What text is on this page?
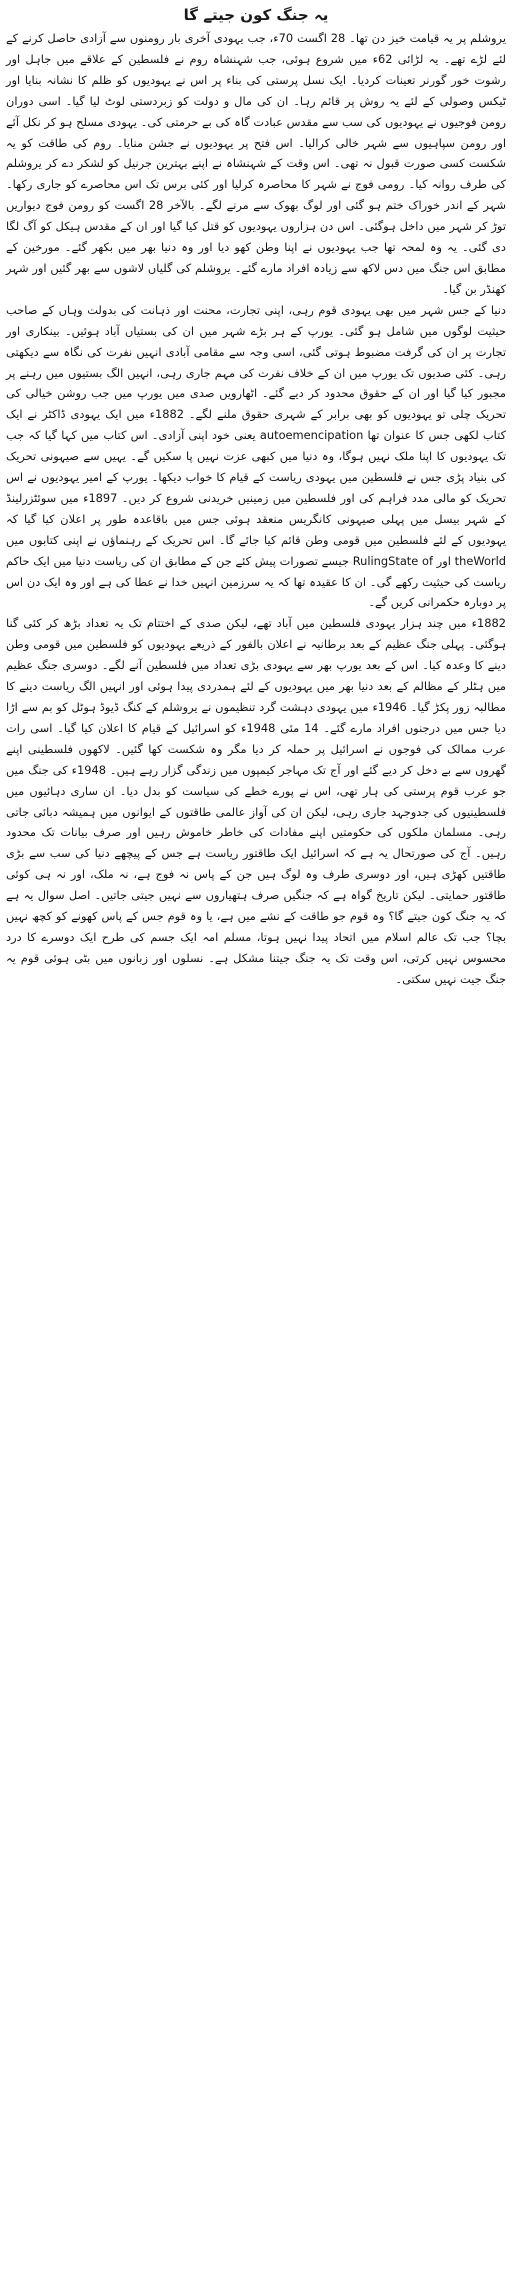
یہ جنگ کون جیتے گا

یروشلم پر یہ قیامت خیز دن تھا۔ 28 اگست 70ء، جب یہودی آخری بار رومنوں سے آزادی حاصل کرنے کے لئے لڑے تھے۔ یہ لڑائی 62ء میں شروع ہوئی، جب شہنشاہ روم نے فلسطین کے علاقے میں جاہل اور رشوت خور گورنر تعینات کردیا۔ ایک نسل پرستی کی بناء پر اس نے یہودیوں کو ظلم کا نشانہ بنایا اور ٹیکس وصولی کے لئے یہ روش پر قائم رہا۔ ان کی مال و دولت کو زبردستی لوٹ لیا گیا۔ اسی دوران رومن فوجیوں نے یہودیوں کی سب سے مقدس عبادت گاہ کی بے حرمتی کی۔ یہودی مسلح ہو کر نکل آئے اور رومن سپاہیوں سے شہر خالی کرالیا۔ اس فتح پر یہودیوں نے جشن منایا۔ روم کی طاقت کو یہ شکست کسی صورت قبول نہ تھی۔ اس وقت کے شہنشاہ نے اپنے بہترین جرنیل کو لشکر دے کر یروشلم کی طرف روانہ کیا۔ رومی فوج نے شہر کا محاصرہ کرلیا اور کئی برس تک اس محاصرے کو جاری رکھا۔ شہر کے اندر خوراک ختم ہو گئی اور لوگ بھوک سے مرنے لگے۔ بالآخر 28 اگست کو رومن فوج دیواریں توڑ کر شہر میں داخل ہوگئی۔ اس دن ہزاروں یہودیوں کو قتل کیا گیا اور ان کے مقدس ہیکل کو آگ لگا دی گئی۔ یہ وہ لمحہ تھا جب یہودیوں نے اپنا وطن کھو دیا اور وہ دنیا بھر میں بکھر گئے۔ مورخین کے مطابق اس جنگ میں دس لاکھ سے زیادہ افراد مارے گئے۔ یروشلم کی گلیاں لاشوں سے بھر گئیں اور شہر کھنڈر بن گیا۔

دنیا کے جس شہر میں بھی یہودی قوم رہی، اپنی تجارت، محنت اور ذہانت کی بدولت وہاں کے صاحب حیثیت لوگوں میں شامل ہو گئی۔ یورپ کے ہر بڑے شہر میں ان کی بستیاں آباد ہوئیں۔ بینکاری اور تجارت پر ان کی گرفت مضبوط ہوتی گئی، اسی وجہ سے مقامی آبادی انہیں نفرت کی نگاہ سے دیکھتی رہی۔ کئی صدیوں تک یورپ میں ان کے خلاف نفرت کی مہم جاری رہی، انہیں الگ بستیوں میں رہنے پر مجبور کیا گیا اور ان کے حقوق محدود کر دیے گئے۔ اٹھارویں صدی میں یورپ میں جب روشن خیالی کی تحریک چلی تو یہودیوں کو بھی برابر کے شہری حقوق ملنے لگے۔ 1882ء میں ایک یہودی ڈاکٹر نے ایک کتاب لکھی جس کا عنوان تھا autoemencipation یعنی خود اپنی آزادی۔ اس کتاب میں کہا گیا کہ جب تک یہودیوں کا اپنا ملک نہیں ہوگا، وہ دنیا میں کبھی عزت نہیں پا سکیں گے۔ یہیں سے صیہونی تحریک کی بنیاد پڑی جس نے فلسطین میں یہودی ریاست کے قیام کا خواب دیکھا۔ یورپ کے امیر یہودیوں نے اس تحریک کو مالی مدد فراہم کی اور فلسطین میں زمینیں خریدنی شروع کر دیں۔ 1897ء میں سوئٹزرلینڈ کے شہر بیسل میں پہلی صیہونی کانگریس منعقد ہوئی جس میں باقاعدہ طور پر اعلان کیا گیا کہ یہودیوں کے لئے فلسطین میں قومی وطن قائم کیا جائے گا۔ اس تحریک کے رہنماؤں نے اپنی کتابوں میں theWorld اور RulingState of جیسے تصورات پیش کئے جن کے مطابق ان کی ریاست دنیا میں ایک حاکم ریاست کی حیثیت رکھے گی۔ ان کا عقیدہ تھا کہ یہ سرزمین انہیں خدا نے عطا کی ہے اور وہ ایک دن اس پر دوبارہ حکمرانی کریں گے۔

1882ء میں چند ہزار یہودی فلسطین میں آباد تھے، لیکن صدی کے اختتام تک یہ تعداد بڑھ کر کئی گنا ہوگئی۔ پہلی جنگ عظیم کے بعد برطانیہ نے اعلان بالفور کے ذریعے یہودیوں کو فلسطین میں قومی وطن دینے کا وعدہ کیا۔ اس کے بعد یورپ بھر سے یہودی بڑی تعداد میں فلسطین آنے لگے۔ دوسری جنگ عظیم میں ہٹلر کے مظالم کے بعد دنیا بھر میں یہودیوں کے لئے ہمدردی پیدا ہوئی اور انہیں الگ ریاست دینے کا مطالبہ زور پکڑ گیا۔ 1946ء میں یہودی دہشت گرد تنظیموں نے یروشلم کے کنگ ڈیوڈ ہوٹل کو بم سے اڑا دیا جس میں درجنوں افراد مارے گئے۔ 14 مئی 1948ء کو اسرائیل کے قیام کا اعلان کیا گیا۔ اسی رات عرب ممالک کی فوجوں نے اسرائیل پر حملہ کر دیا مگر وہ شکست کھا گئیں۔ لاکھوں فلسطینی اپنے گھروں سے بے دخل کر دیے گئے اور آج تک مہاجر کیمپوں میں زندگی گزار رہے ہیں۔ 1948ء کی جنگ میں جو عرب قوم پرستی کی ہار تھی، اس نے پورے خطے کی سیاست کو بدل دیا۔ ان ساری دہائیوں میں فلسطینیوں کی جدوجہد جاری رہی، لیکن ان کی آواز عالمی طاقتوں کے ایوانوں میں ہمیشہ دبائی جاتی رہی۔ مسلمان ملکوں کی حکومتیں اپنے مفادات کی خاطر خاموش رہیں اور صرف بیانات تک محدود رہیں۔ آج کی صورتحال یہ ہے کہ اسرائیل ایک طاقتور ریاست ہے جس کے پیچھے دنیا کی سب سے بڑی طاقتیں کھڑی ہیں، اور دوسری طرف وہ لوگ ہیں جن کے پاس نہ فوج ہے، نہ ملک، اور نہ ہی کوئی طاقتور حمایتی۔ لیکن تاریخ گواہ ہے کہ جنگیں صرف ہتھیاروں سے نہیں جیتی جاتیں۔ اصل سوال یہ ہے کہ یہ جنگ کون جیتے گا؟ وہ قوم جو طاقت کے نشے میں ہے، یا وہ قوم جس کے پاس کھونے کو کچھ نہیں بچا؟ جب تک عالم اسلام میں اتحاد پیدا نہیں ہوتا، مسلم امہ ایک جسم کی طرح ایک دوسرے کا درد محسوس نہیں کرتی، اس وقت تک یہ جنگ جیتنا مشکل ہے۔ نسلوں اور زبانوں میں بٹی ہوئی قوم یہ جنگ جیت نہیں سکتی۔
